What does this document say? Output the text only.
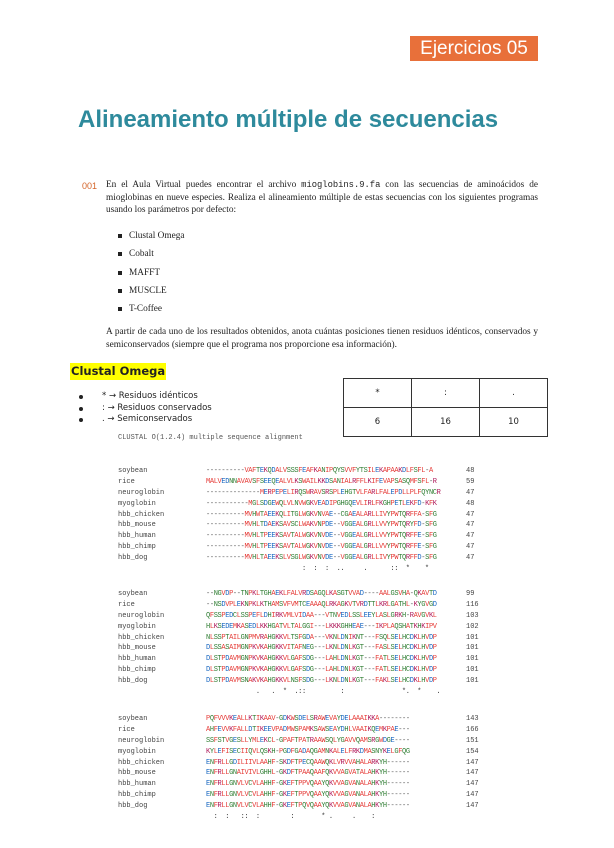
Ejercicios 05
Alineamiento múltiple de secuencias
001 En el Aula Virtual puedes encontrar el archivo mioglobins.9.fa con las secuencias de aminoácidos de mioglobinas en nueve especies. Realiza el alineamiento múltiple de estas secuencias con los siguientes programas usando los parámetros por defecto:

Clustal Omega
Cobalt
MAFFT
MUSCLE
T-Coffee

A partir de cada uno de los resultados obtenidos, anota cuántas posiciones tienen residuos idénticos, conservados y semiconservados (siempre que el programa nos proporcione esa información).

Clustal Omega
* → Residuos idénticos
: → Residuos conservados
. → Semiconservados
*	:	.
6	16	10
CLUSTAL O(1.2.4) multiple sequence alignment
soybean	----------VAFTEKQDALVSSSFEAFKANIPQYSVVFYTSILEKAPAAKDLFSFL-A	48
rice	MALVEDNNAVAVSFSEEQEALVLKSWAILKKDSANIALRFFLKIFEVAPSASQMFSFL-R	59
neuroglobin	--------------MERPEPELIRQSWRAVSRSPLEHGTVLFARLFALEPDLLPLFQYNCR	47
myoglobin	-----------MGLSDGEWQLVLNVWGKVEADIPGHGQEVLIRLFKGHPETLEKFD-KFK	48
hbb_chicken	----------MVHWTAEEKQLITGLWGKVNVAE--CGAEALARLLIVYPWTQRFFA-SFG	47
hbb_mouse	----------MVHLTDAEKSAVSCLWAKVNPDE--VGGEALGRLLVVYPWTQRYFD-SFG	47
hbb_human	----------MVHLTPEEKSAVTALWGKVNVDE--VGGEALGRLLVVYPWTQRFFE-SFG	47
hbb_chimp	----------MVHLTPEEKSAVTALWGKVNVDE--VGGEALGRLLVVYPWTQRFFE-SFG	47
hbb_dog	----------MVHLTAEEKSLVSGLWGKVNVDE--VGGEALGRLLIVYPWTQRFFD-SFG	47
:  :  :  ..     .      ::  *    *
soybean	--NGVDP--TNPKLTGHAEKLFALVRDSAGQLKASGTVVAD----AALGSVHA-QKAVTD	99
rice	--NSDVPLEKNPKLKTHAMSVFVMTCEAAAQLRKAGKVTVRDTTLKRLGATHL-KYGVGD	116
neuroglobin	QFSSPEDCLSSPEFLDHIRKVMLVIDAA---VTNVEDLSSLEEYLASLGRKH-RAVGVKL	103
myoglobin	HLKSEDEMKASEDLKKHGATVLTALGGI---LKKKGHHEAE---IKPLAQSHATKHKIPV	102
hbb_chicken	NLSSPTAILGNPMVRAHGKKVLTSFGDA---VKNLDNIKNT---FSQLSELHCDKLHVDP	101
hbb_mouse	DLSSASAIMGNPKVKAHGKKVITAFNEG---LKNLDNLKGT---FASLSELHCDKLHVDP	101
hbb_human	DLSTPDAVMGNPKVKAHGKKVLGAFSDG---LAHLDNLKGT---FATLSELHCDKLHVDP	101
hbb_chimp	DLSTPDAVMGNPKVKAHGKKVLGAFSDG---LAHLDNLKGT---FATLSELHCDKLHVDP	101
hbb_dog	DLSTPDAVMSNAKVKAHGKKVLNSFSDG---LKNLDNLKGT---FAKLSELHCDKLHVDP	101
.   .  *  .::         :               *.  *    .
soybean	PQFVVVKEALLKTIKAAV-GDKWSDELSRAWEVAYDELAAAIKKA--------	143
rice	AHFEVVKFALLDTIKEEVPADMWSPAMKSAWSEAYDHLVAAIKQEMKPAE---	166
neuroglobin	SSFSTVGESLLYMLEKCL-GPAFTPATRAAWSQLYGAVVQAMSRGWDGE----	151
myoglobin	KYLEFISECIIQVLQSKH-PGDFGADAQGAMNKALELFRKDMASNYKELGFQG	154
hbb_chicken	ENFRLLGDILIIVLAAHF-SKDFTPECQAAWQKLVRVVAHALARKYH------	147
hbb_mouse	ENFRLLGNAIVIVLGHHL-GKDFTPAAQAAFQKVVAGVATALAHKYH------	147
hbb_human	ENFRLLGNVLVCVLAHHF-GKEFTPPVQAAYQKVVAGVANALAHKYH------	147
hbb_chimp	ENFRLLGNVLVCVLAHHF-GKEFTPPVQAAYQKVVAGVANALAHKYH------	147
hbb_dog	ENFRLLGNVLVCVLAHHF-GKEFTPQVQAAYQKVVAGVANALAHKYH------	147
:  :   ::  :        :       * .     .    :
